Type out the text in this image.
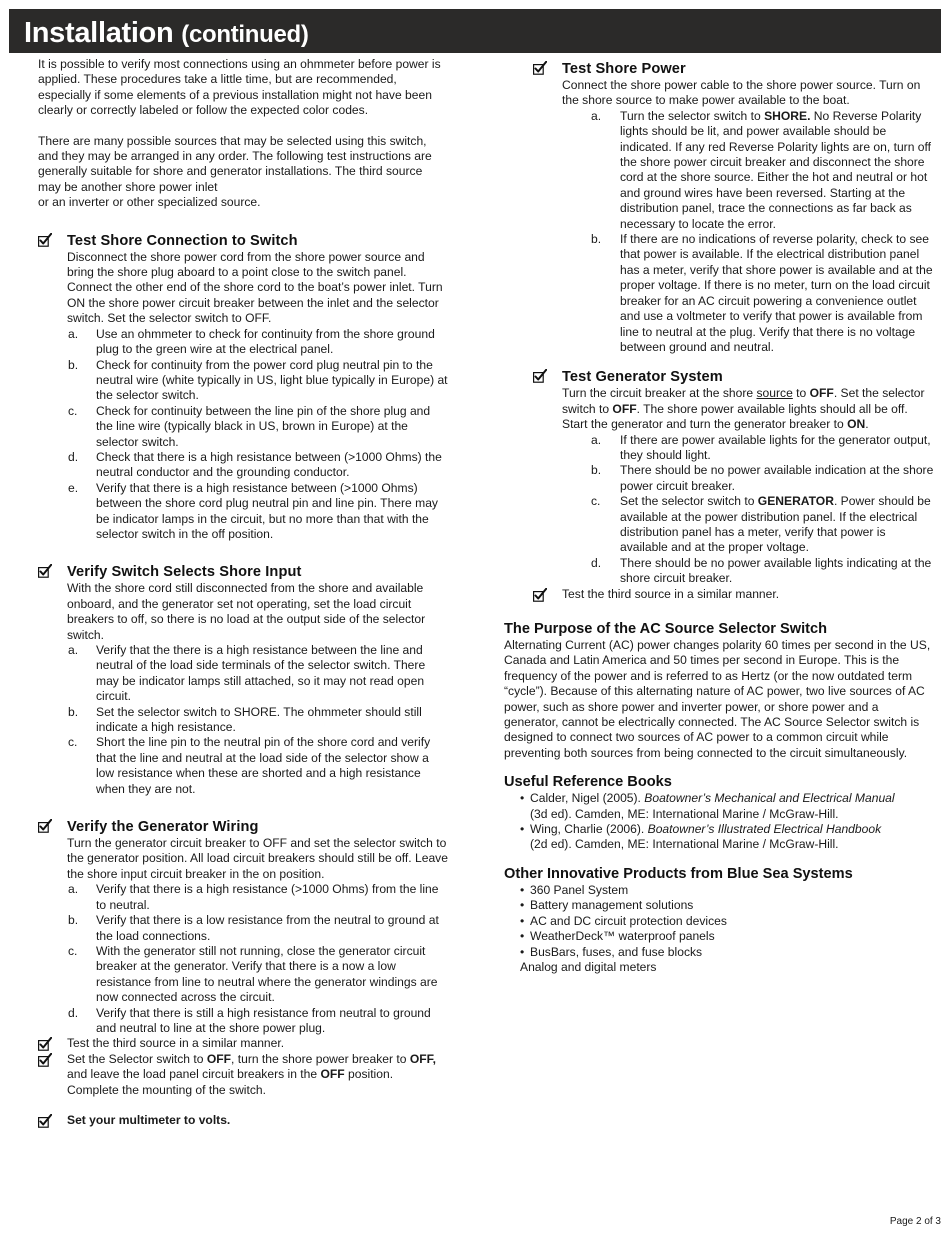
Installation (continued)

It is possible to verify most connections using an ohmmeter before power is applied. These procedures take a little time, but are recommended, especially if some elements of a previous installation might not have been clearly or correctly labeled or follow the expected color codes.

There are many possible sources that may be selected using this switch, and they may be arranged in any order. The following test instructions are generally suitable for shore and generator installations. The third source may be another shore power inlet
or an inverter or other specialized source.

Test Shore Connection to Switch
Disconnect the shore power cord from the shore power source and bring the shore plug aboard to a point close to the switch panel. Connect the other end of the shore cord to the boat’s power inlet. Turn ON the shore power circuit breaker between the inlet and the selector switch. Set the selector switch to OFF.
a. Use an ohmmeter to check for continuity from the shore ground plug to the green wire at the electrical panel.
b. Check for continuity from the power cord plug neutral pin to the neutral wire (white typically in US, light blue typically in Europe) at the selector switch.
c. Check for continuity between the line pin of the shore plug and the line wire (typically black in US, brown in Europe) at the selector switch.
d. Check that there is a high resistance between (>1000 Ohms) the neutral conductor and the grounding conductor.
e. Verify that there is a high resistance between (>1000 Ohms) between the shore cord plug neutral pin and line pin. There may be indicator lamps in the circuit, but no more than that with the selector switch in the off position.
Verify Switch Selects Shore Input
With the shore cord still disconnected from the shore and available onboard, and the generator set not operating, set the load circuit breakers to off, so there is no load at the output side of the selector switch.
a. Verify that the there is a high resistance between the line and neutral of the load side terminals of the selector switch. There may be indicator lamps still attached, so it may not read open circuit.
b. Set the selector switch to SHORE. The ohmmeter should still indicate a high resistance.
c. Short the line pin to the neutral pin of the shore cord and verify that the line and neutral at the load side of the selector show a low resistance when these are shorted and a high resistance when they are not.
Verify the Generator Wiring
Turn the generator circuit breaker to OFF and set the selector switch to the generator position. All load circuit breakers should still be off. Leave the shore input circuit breaker in the on position.
a. Verify that there is a high resistance (>1000 Ohms) from the line to neutral.
b. Verify that there is a low resistance from the neutral to ground at the load connections.
c. With the generator still not running, close the generator circuit breaker at the generator. Verify that there is a now a low resistance from line to neutral where the generator windings are now connected across the circuit.
d. Verify that there is still a high resistance from neutral to ground and neutral to line at the shore power plug.
Test the third source in a similar manner.
Set the Selector switch to OFF, turn the shore power breaker to OFF, and leave the load panel circuit breakers in the OFF position. Complete the mounting of the switch.
Set your multimeter to volts.
Test Shore Power
Connect the shore power cable to the shore power source. Turn on the shore source to make power available to the boat.
a. Turn the selector switch to SHORE. No Reverse Polarity lights should be lit, and power available should be indicated. If any red Reverse Polarity lights are on, turn off the shore power circuit breaker and disconnect the shore cord at the shore source. Either the hot and neutral or hot and ground wires have been reversed. Starting at the distribution panel, trace the connections as far back as necessary to locate the error.
b. If there are no indications of reverse polarity, check to see that power is available. If the electrical distribution panel has a meter, verify that shore power is available and at the proper voltage. If there is no meter, turn on the load circuit breaker for an AC circuit powering a convenience outlet and use a voltmeter to verify that power is available from line to neutral at the plug. Verify that there is no voltage between ground and neutral.
Test Generator System
Turn the circuit breaker at the shore source to OFF. Set the selector switch to OFF. The shore power available lights should all be off. Start the generator and turn the generator breaker to ON.
a. If there are power available lights for the generator output, they should light.
b. There should be no power available indication at the shore power circuit breaker.
c. Set the selector switch to GENERATOR. Power should be available at the power distribution panel. If the electrical distribution panel has a meter, verify that power is available and at the proper voltage.
d. There should be no power available lights indicating at the shore circuit breaker.
Test the third source in a similar manner.
The Purpose of the AC Source Selector Switch

Alternating Current (AC) power changes polarity 60 times per second in the US, Canada and Latin America and 50 times per second in Europe. This is the frequency of the power and is referred to as Hertz (or the now outdated term “cycle”). Because of this alternating nature of AC power, two live sources of AC power, such as shore power and inverter power, or shore power and a generator, cannot be electrically connected. The AC Source Selector switch is designed to connect two sources of AC power to a common circuit while preventing both sources from being connected to the circuit simultaneously.

Useful Reference Books
• Calder, Nigel (2005). Boatowner’s Mechanical and Electrical Manual
(3d ed). Camden, ME: International Marine / McGraw-Hill.
• Wing, Charlie (2006). Boatowner’s Illustrated Electrical Handbook
(2d ed). Camden, ME: International Marine / McGraw-Hill.
Other Innovative Products from Blue Sea Systems
• 360 Panel System
• Battery management solutions
• AC and DC circuit protection devices
• WeatherDeck™ waterproof panels
• BusBars, fuses, and fuse blocks
Analog and digital meters
Page 2 of 3
